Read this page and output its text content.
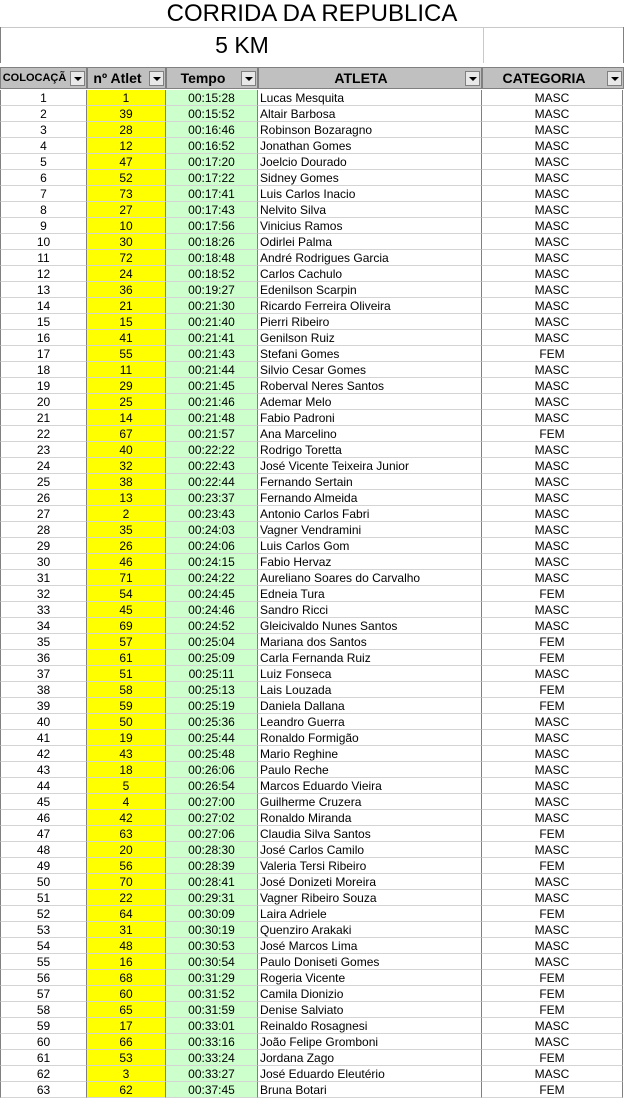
CORRIDA DA REPUBLICA
5 KM
COLOCAÇÃ	nº Atlet	Tempo	ATLETA	CATEGORIA
1	1	00:15:28	Lucas Mesquita	MASC
2	39	00:15:52	Altair Barbosa	MASC
3	28	00:16:46	Robinson Bozaragno	MASC
4	12	00:16:52	Jonathan Gomes	MASC
5	47	00:17:20	Joelcio Dourado	MASC
6	52	00:17:22	Sidney Gomes	MASC
7	73	00:17:41	Luis Carlos Inacio	MASC
8	27	00:17:43	Nelvito Silva	MASC
9	10	00:17:56	Vinicius Ramos	MASC
10	30	00:18:26	Odirlei Palma	MASC
11	72	00:18:48	André Rodrigues Garcia	MASC
12	24	00:18:52	Carlos Cachulo	MASC
13	36	00:19:27	Edenilson Scarpin	MASC
14	21	00:21:30	Ricardo Ferreira Oliveira	MASC
15	15	00:21:40	Pierri Ribeiro	MASC
16	41	00:21:41	Genilson Ruiz	MASC
17	55	00:21:43	Stefani Gomes	FEM
18	11	00:21:44	Silvio Cesar Gomes	MASC
19	29	00:21:45	Roberval Neres Santos	MASC
20	25	00:21:46	Ademar Melo	MASC
21	14	00:21:48	Fabio Padroni	MASC
22	67	00:21:57	Ana Marcelino	FEM
23	40	00:22:22	Rodrigo Toretta	MASC
24	32	00:22:43	José Vicente Teixeira Junior	MASC
25	38	00:22:44	Fernando Sertain	MASC
26	13	00:23:37	Fernando Almeida	MASC
27	2	00:23:43	Antonio Carlos Fabri	MASC
28	35	00:24:03	Vagner Vendramini	MASC
29	26	00:24:06	Luis Carlos Gom	MASC
30	46	00:24:15	Fabio Hervaz	MASC
31	71	00:24:22	Aureliano Soares do Carvalho	MASC
32	54	00:24:45	Edneia Tura	FEM
33	45	00:24:46	Sandro Ricci	MASC
34	69	00:24:52	Gleicivaldo Nunes Santos	MASC
35	57	00:25:04	Mariana dos Santos	FEM
36	61	00:25:09	Carla Fernanda Ruiz	FEM
37	51	00:25:11	Luiz Fonseca	MASC
38	58	00:25:13	Lais Louzada	FEM
39	59	00:25:19	Daniela Dallana	FEM
40	50	00:25:36	Leandro Guerra	MASC
41	19	00:25:44	Ronaldo Formigão	MASC
42	43	00:25:48	Mario Reghine	MASC
43	18	00:26:06	Paulo Reche	MASC
44	5	00:26:54	Marcos Eduardo Vieira	MASC
45	4	00:27:00	Guilherme Cruzera	MASC
46	42	00:27:02	Ronaldo Miranda	MASC
47	63	00:27:06	Claudia Silva Santos	FEM
48	20	00:28:30	José Carlos Camilo	MASC
49	56	00:28:39	Valeria Tersi Ribeiro	FEM
50	70	00:28:41	José Donizeti Moreira	MASC
51	22	00:29:31	Vagner Ribeiro Souza	MASC
52	64	00:30:09	Laira Adriele	FEM
53	31	00:30:19	Quenziro Arakaki	MASC
54	48	00:30:53	José Marcos Lima	MASC
55	16	00:30:54	Paulo Doniseti Gomes	MASC
56	68	00:31:29	Rogeria Vicente	FEM
57	60	00:31:52	Camila Dionizio	FEM
58	65	00:31:59	Denise Salviato	FEM
59	17	00:33:01	Reinaldo Rosagnesi	MASC
60	66	00:33:16	João Felipe Gromboni	MASC
61	53	00:33:24	Jordana Zago	FEM
62	3	00:33:27	José Eduardo Eleutério	MASC
63	62	00:37:45	Bruna Botari	FEM
